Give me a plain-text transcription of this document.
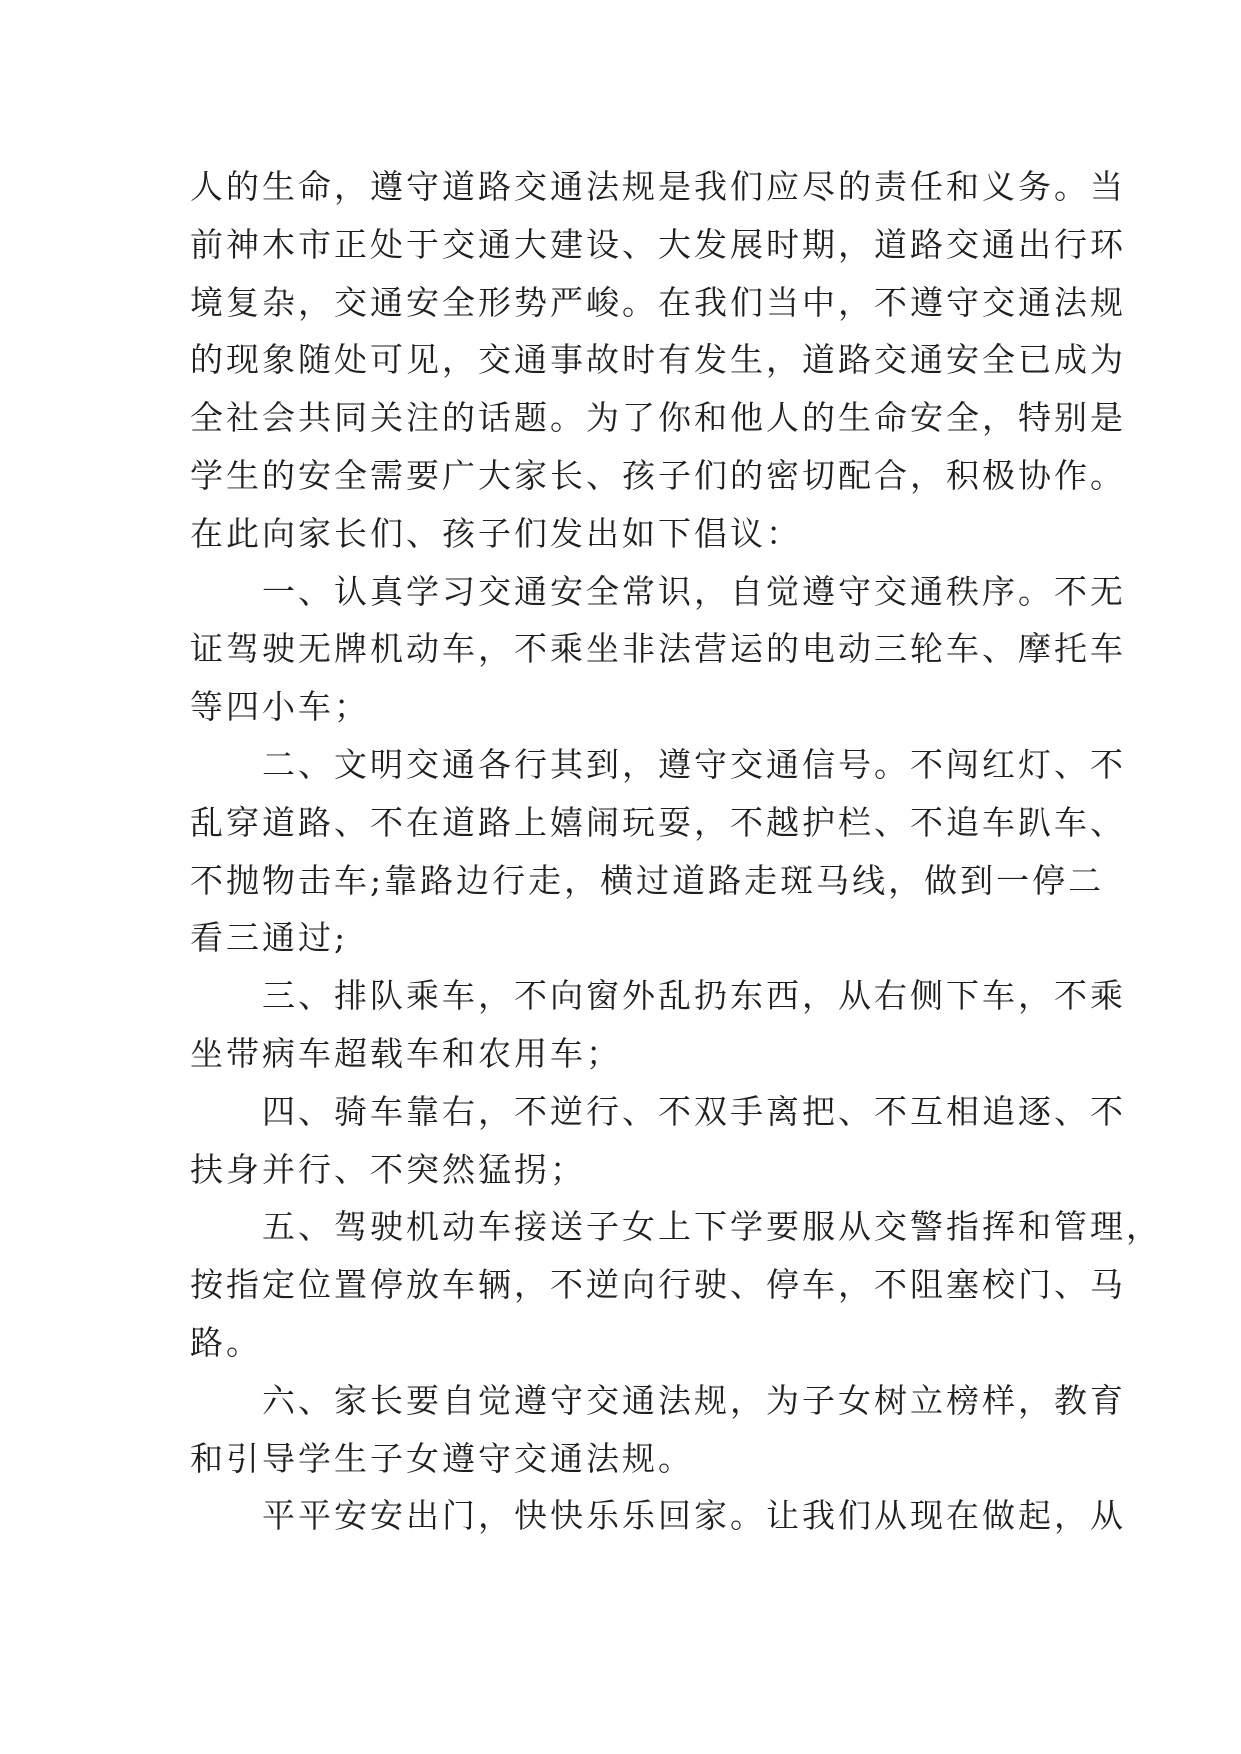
人的生命，遵守道路交通法规是我们应尽的责任和义务。当
前神木市正处于交通大建设、大发展时期，道路交通出行环
境复杂，交通安全形势严峻。在我们当中，不遵守交通法规
的现象随处可见，交通事故时有发生，道路交通安全已成为
全社会共同关注的话题。为了你和他人的生命安全，特别是
学生的安全需要广大家长、孩子们的密切配合，积极协作。
在此向家长们、孩子们发出如下倡议：
　　一、认真学习交通安全常识，自觉遵守交通秩序。不无
证驾驶无牌机动车，不乘坐非法营运的电动三轮车、摩托车
等四小车；
　　二、文明交通各行其到，遵守交通信号。不闯红灯、不
乱穿道路、不在道路上嬉闹玩耍，不越护栏、不追车趴车、
不抛物击车;靠路边行走，横过道路走斑马线，做到一停二
看三通过;
　　三、排队乘车，不向窗外乱扔东西，从右侧下车，不乘
坐带病车超载车和农用车；
　　四、骑车靠右，不逆行、不双手离把、不互相追逐、不
扶身并行、不突然猛拐；
　　五、驾驶机动车接送子女上下学要服从交警指挥和管理，
按指定位置停放车辆，不逆向行驶、停车，不阻塞校门、马
路。
　　六、家长要自觉遵守交通法规，为子女树立榜样，教育
和引导学生子女遵守交通法规。
　　平平安安出门，快快乐乐回家。让我们从现在做起，从
